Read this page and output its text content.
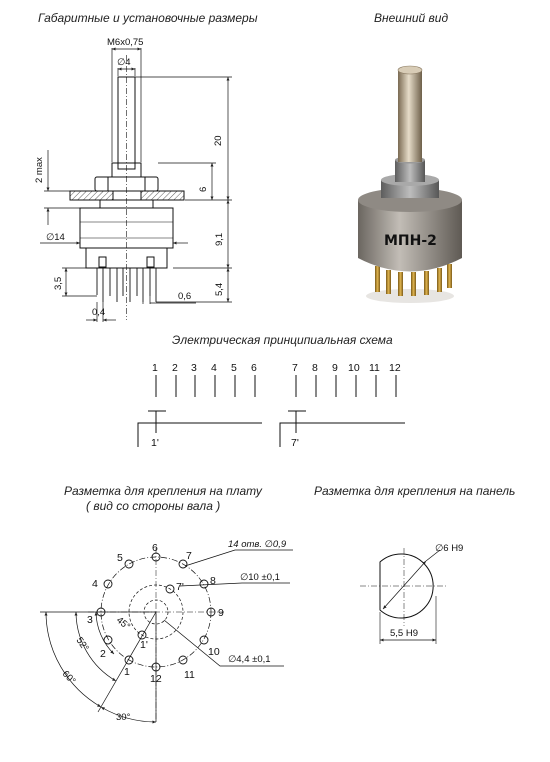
Габаритные и установочные размеры	Внешний вид
Электрическая принципиальная схема
Разметка для крепления на плату
( вид со стороны вала )
Разметка для крепления на панель
M6x0,75
∅4
20
6
9,1
5,4
2 max
∅14
3,5
0,6
0,4
МПН-2
1 2 3 4 5 6	7 8 9 10 11 12
1'	7'
1
2
3
4
5
6
7
8
9
10
11
12
1'
7'
14 отв. ∅0,9
∅10 ±0,1
∅4,4 ±0,1
30°
60°
52°
45°
∅6 H9
5,5 H9
